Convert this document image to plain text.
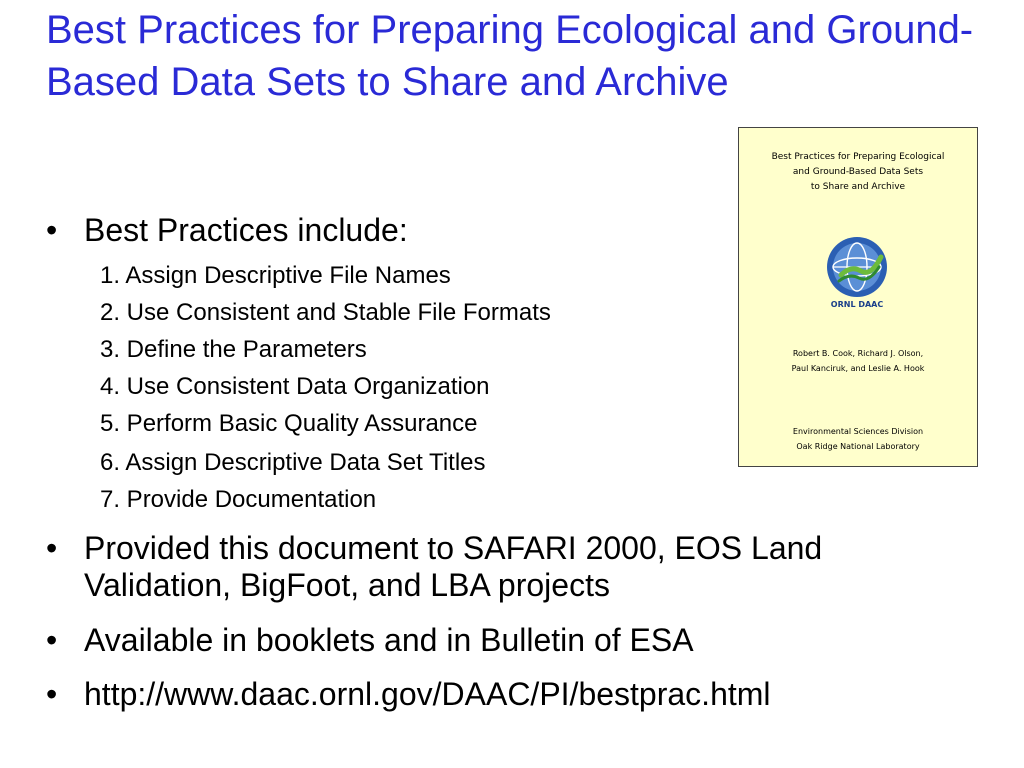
Best Practices for Preparing Ecological and Ground-Based Data Sets to Share and Archive
• Best Practices include:
1. Assign Descriptive File Names
2. Use Consistent and Stable File Formats
3. Define the Parameters
4. Use Consistent Data Organization
5. Perform Basic Quality Assurance
6. Assign Descriptive Data Set Titles
7. Provide Documentation
• Provided this document to SAFARI 2000, EOS Land Validation, BigFoot, and LBA projects
• Available in booklets and in Bulletin of ESA
• http://www.daac.ornl.gov/DAAC/PI/bestprac.html
Best Practices for Preparing Ecological
and Ground-Based Data Sets
to Share and Archive
ORNL DAAC
Robert B. Cook, Richard J. Olson,
Paul Kanciruk, and Leslie A. Hook
Environmental Sciences Division
Oak Ridge National Laboratory
